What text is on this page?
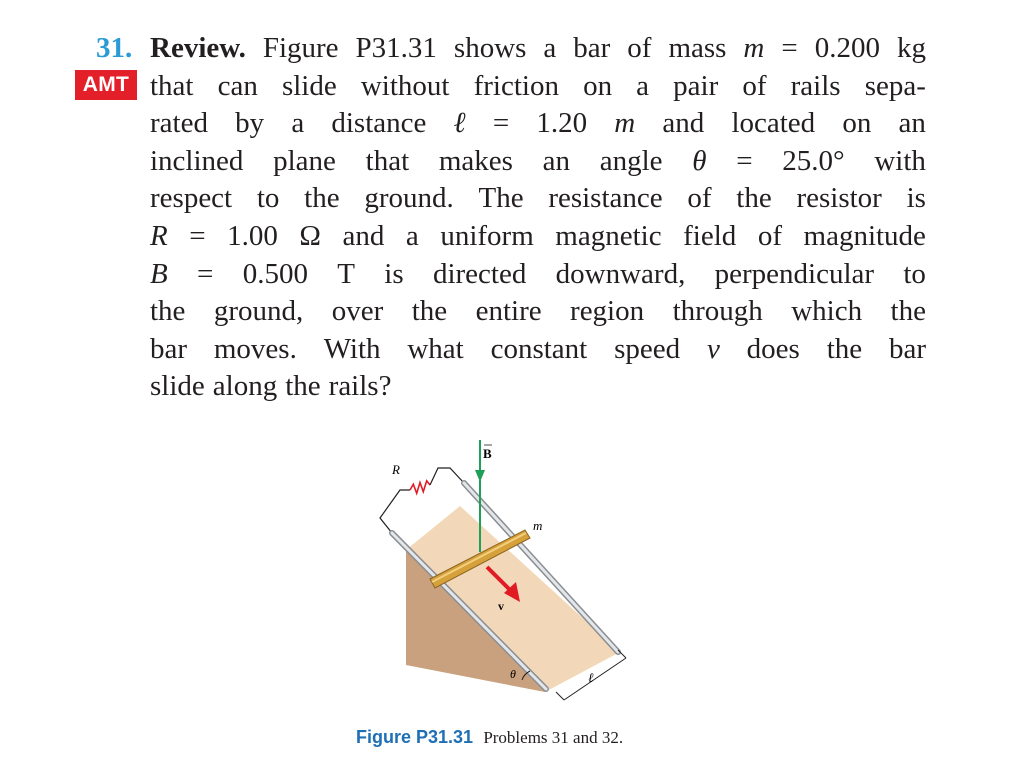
31.
AMT
Review. Figure P31.31 shows a bar of mass m = 0.200 kg
that can slide without friction on a pair of rails sepa-
rated by a distance ℓ = 1.20 m and located on an
inclined plane that makes an angle θ = 25.0° with
respect to the ground. The resistance of the resistor is
R = 1.00 Ω and a uniform magnetic field of magnitude
B = 0.500 T is directed downward, perpendicular to
the ground, over the entire region through which the
bar moves. With what constant speed v does the bar
slide along the rails?
B
R
m
v
θ	ℓ
Figure P31.31 Problems 31 and 32.
